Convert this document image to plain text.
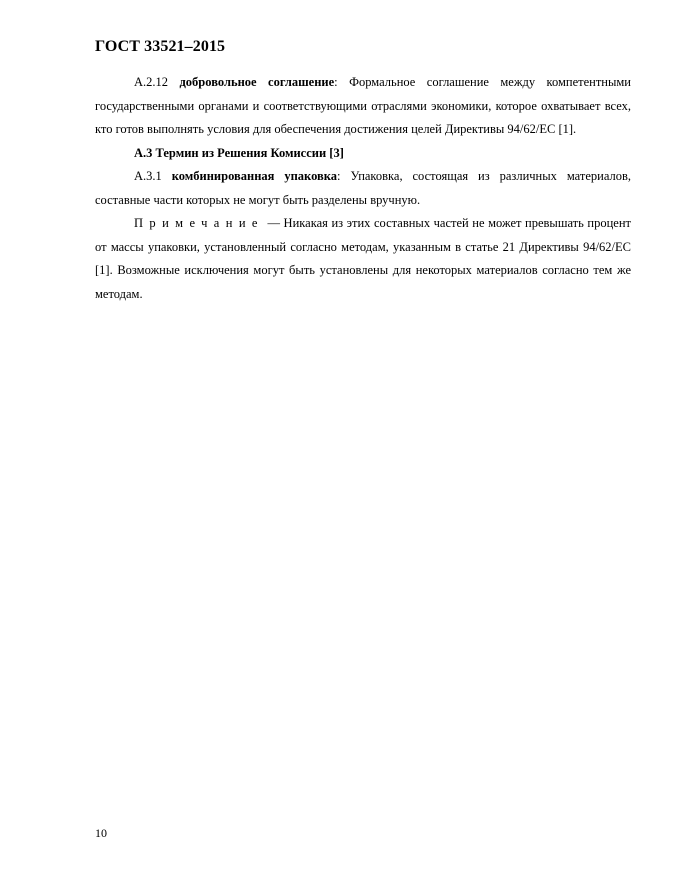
ГОСТ 33521–2015

А.2.12 добровольное соглашение: Формальное соглашение между компетентными государственными органами и соответствующими отраслями экономики, которое охватывает всех, кто готов выполнять условия для обеспечения достижения целей Директивы 94/62/ЕС [1].

А.3 Термин из Решения Комиссии [3]

А.3.1 комбинированная упаковка: Упаковка, состоящая из различных материалов, составные части которых не могут быть разделены вручную.

Примечание — Никакая из этих составных частей не может превышать процент от массы упаковки, установленный согласно методам, указанным в статье 21 Директивы 94/62/ЕС [1]. Возможные исключения могут быть установлены для некоторых материалов согласно тем же методам.

10
